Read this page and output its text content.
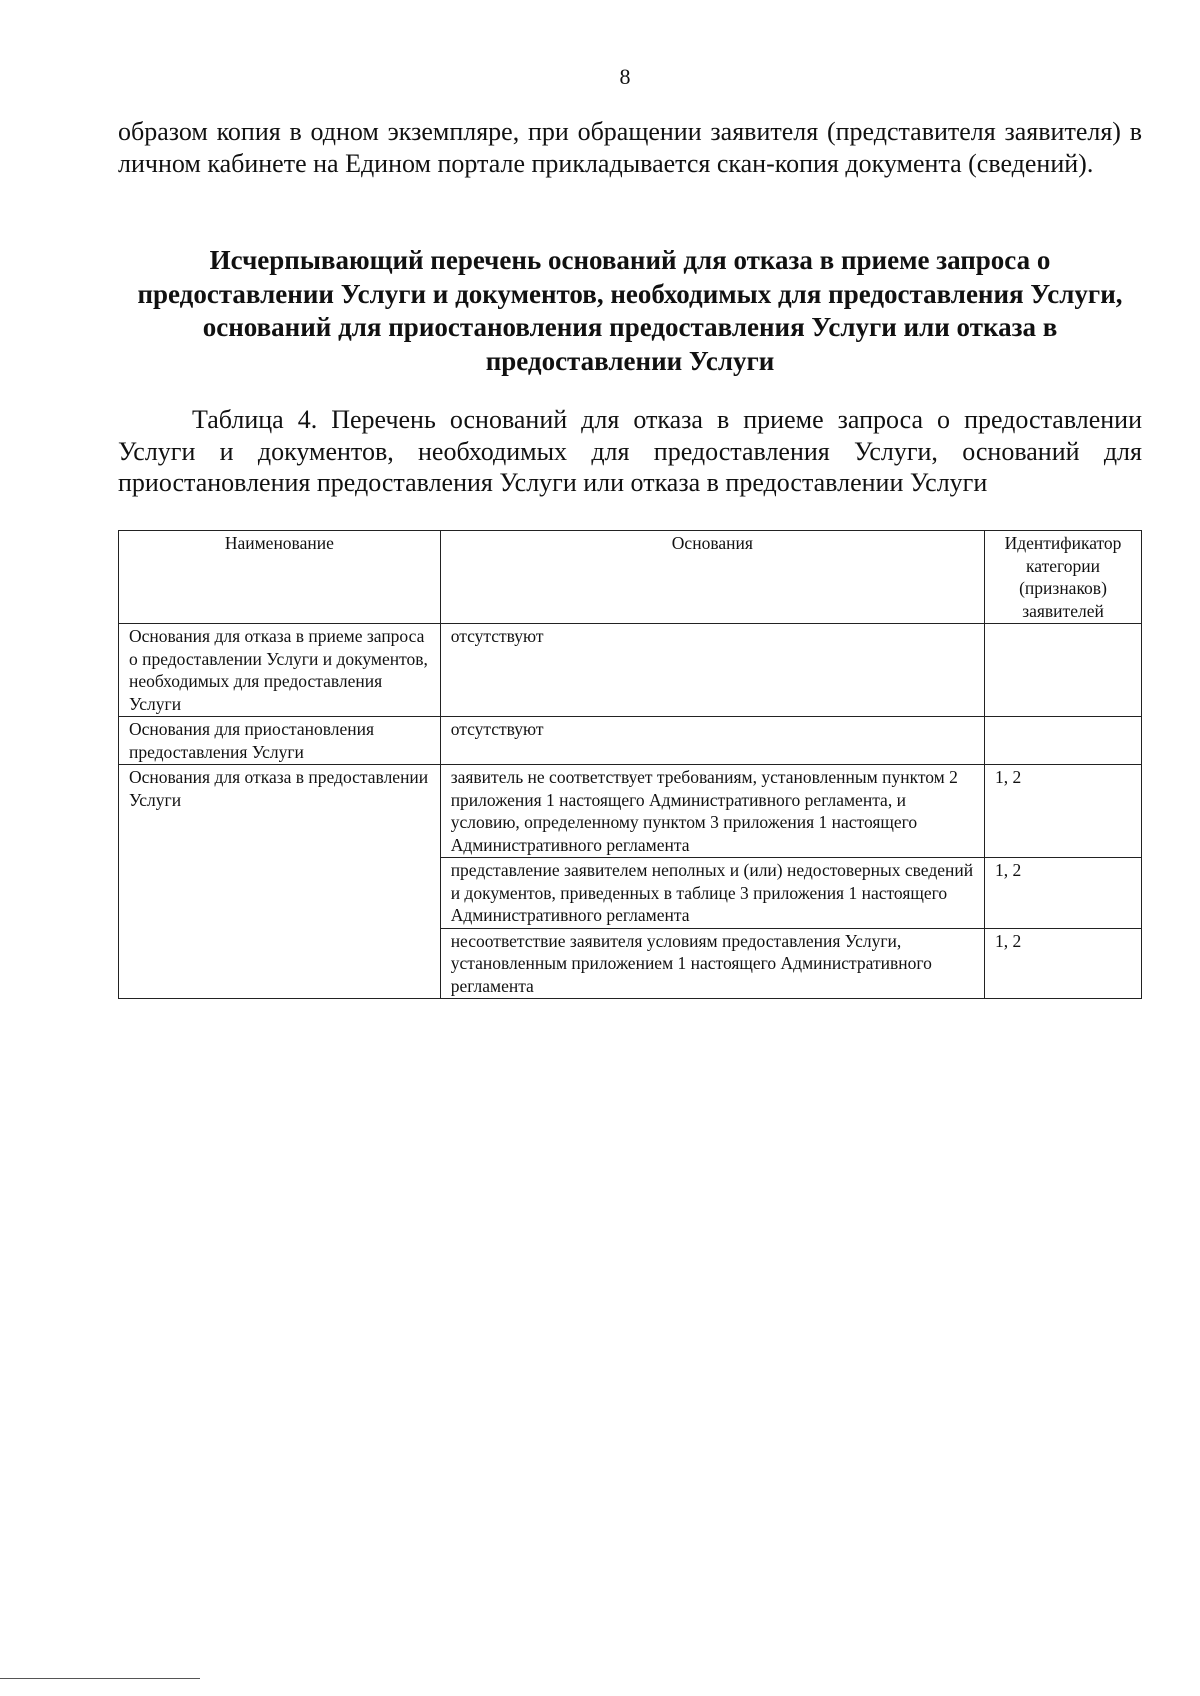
8

образом копия в одном экземпляре, при обращении заявителя (представителя заявителя) в личном кабинете на Едином портале прикладывается скан-копия документа (сведений).

Исчерпывающий перечень оснований для отказа в приеме запроса о предоставлении Услуги и документов, необходимых для предоставления Услуги, оснований для приостановления предоставления Услуги или отказа в предоставлении Услуги

Таблица 4. Перечень оснований для отказа в приеме запроса о предоставлении Услуги и документов, необходимых для предоставления Услуги, оснований для приостановления предоставления Услуги или отказа в предоставлении Услуги

Наименование	Основания	Идентификатор категории (признаков) заявителей
Основания для отказа в приеме запроса о предоставлении Услуги и документов, необходимых для предоставления Услуги	отсутствуют	
Основания для приостановления предоставления Услуги	отсутствуют	
Основания для отказа в предоставлении Услуги	заявитель не соответствует требованиям, установленным пунктом 2 приложения 1 настоящего Административного регламента, и условию, определенному пунктом 3 приложения 1 настоящего Административного регламента	1, 2
	представление заявителем неполных и (или) недостоверных сведений и документов, приведенных в таблице 3 приложения 1 настоящего Административного регламента	1, 2
	несоответствие заявителя условиям предоставления Услуги, установленным приложением 1 настоящего Административного регламента	1, 2
